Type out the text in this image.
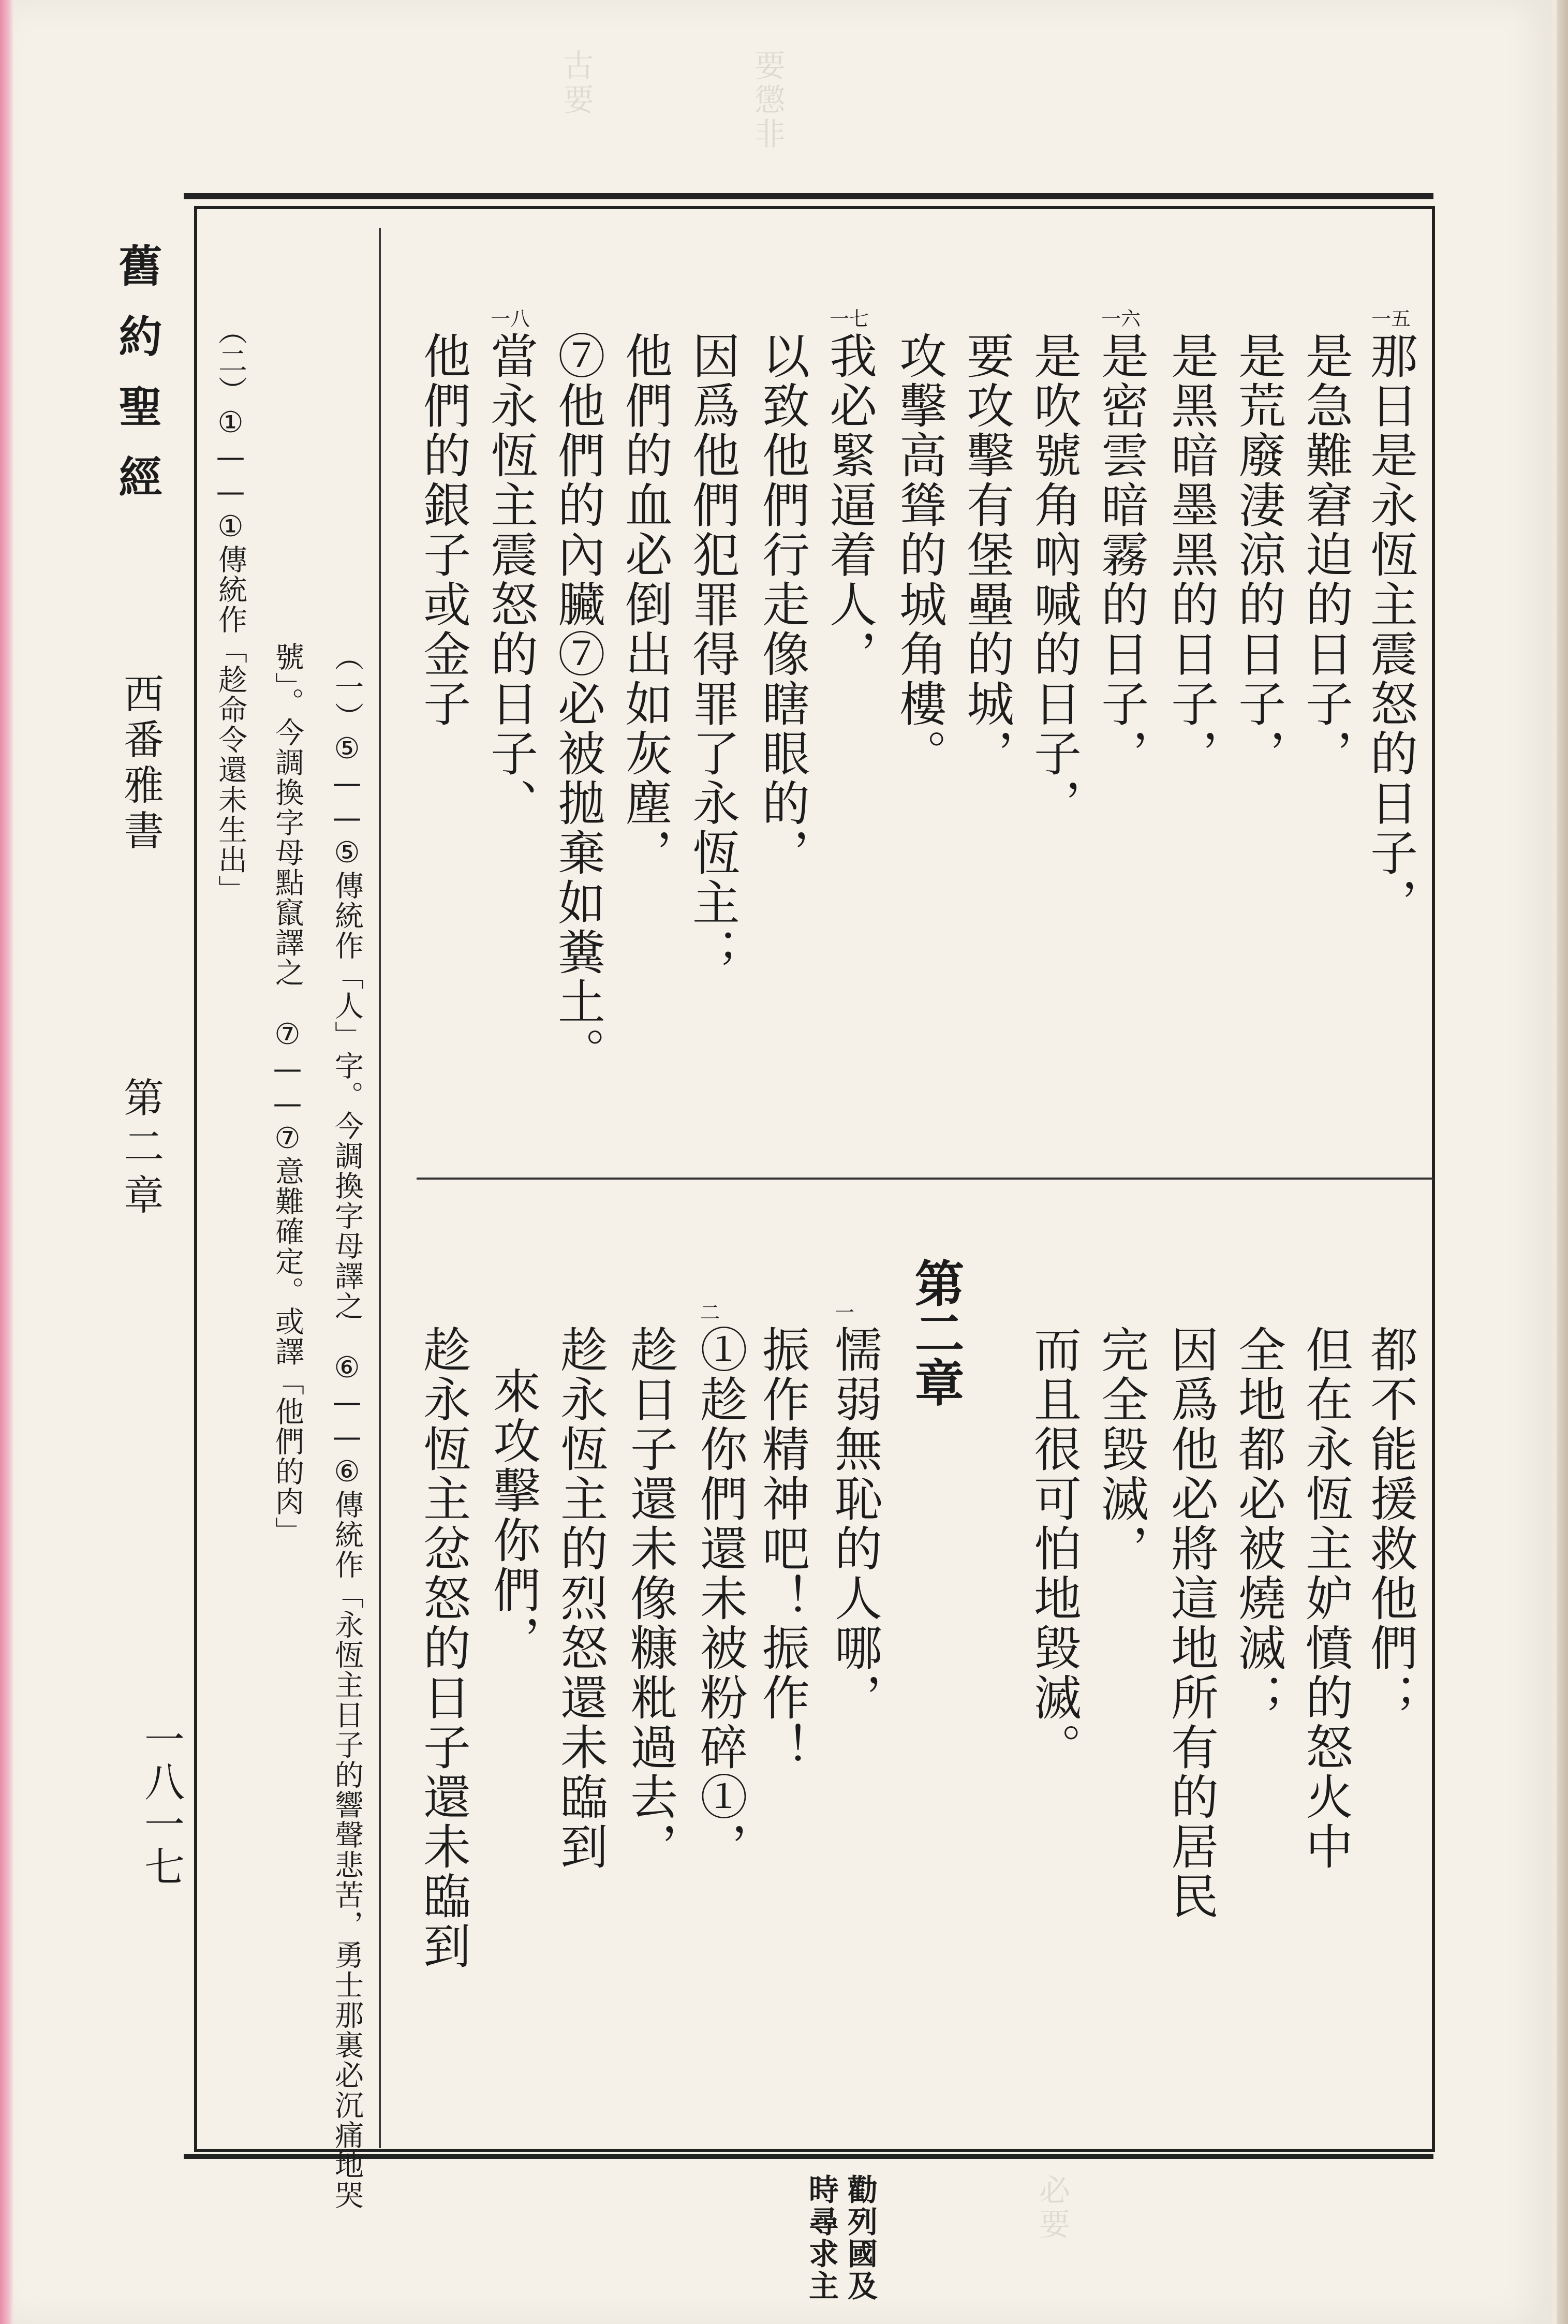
要懲非
古要
必要
舊約聖經
西番雅書
第二章
一八一七
那日是永恆主震怒的日子，
一五
是急難窘迫的日子，
是荒廢淒涼的日子，
是黑暗墨黑的日子，
是密雲暗霧的日子，
一六
是吹號角吶喊的日子，
要攻擊有堡壘的城，
攻擊高聳的城角樓。
我必緊逼着人，
一七
以致他們行走像瞎眼的，
因爲他們犯罪得罪了永恆主；
他們的血必倒出如灰塵，
⑦他們的內臟⑦必被拋棄如糞土。
當永恆主震怒的日子、
一八
他們的銀子或金子
都不能援救他們；
但在永恆主妒憤的怒火中
全地都必被燒滅；
因爲他必將這地所有的居民
完全毀滅，
而且很可怕地毀滅。
第二章
懦弱無恥的人哪，
一
振作精神吧！振作！
①趁你們還未被粉碎①，
二
趁日子還未像糠粃過去，
趁永恆主的烈怒還未臨到
來攻擊你們，
趁永恆主忿怒的日子還未臨到
（一）⑤——⑤傳統作「人」字。今調換字母譯之　⑥——⑥傳統作「永恆主日子的響聲悲苦，勇士那裏必沉痛地哭
號」。今調換字母點竄譯之　⑦——⑦意難確定。或譯「他們的肉」
（二）①——①傳統作「趁命令還未生出」
勸列國及
時尋求主
